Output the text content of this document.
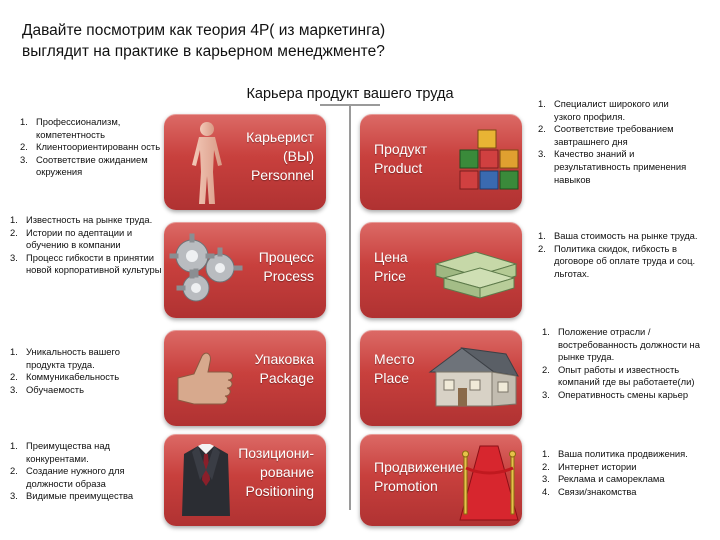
Давайте посмотрим как теория 4Р( из маркетинга)
выглядит на практике в карьерном менеджменте?
Карьера продукт вашего труда
Карьерист
(ВЫ)
Personnel
Продукт
Product
Процесс
Process
Цена
Price
Упаковка
Package
Место
Place
Позициони-
рование
Positioning
Продвижение
Promotion
1. Профессионализм, компетентность
2. Клиентоориентированн ость
3. Соответствие ожиданием окружения
1. Известность на рынке труда.
2. Истории по адептации и обучению в компании
3. Процесс гибкости в принятии новой корпоративной культуры
1. Уникальность вашего продукта труда.
2. Коммуникабельность
3. Обучаемость
1. Преимущества над конкурентами.
2. Создание нужного для должности образа
3. Видимые преимущества
1. Специалист широкого или узкого профиля.
2. Соответствие требованием завтрашнего дня
3. Качество знаний и результативность применения навыков
1. Ваша стоимость на рынке труда.
2. Политика скидок, гибкость в договоре об оплате труда и соц. льготах.
1. Положение отрасли /востребованность должности на рынке труда.
2. Опыт работы и известность компаний где вы работаете(ли)
3. Оперативность смены карьер
1. Ваша политика продвижения.
2. Интернет истории
3. Реклама и самореклама
4. Связи/знакомства
